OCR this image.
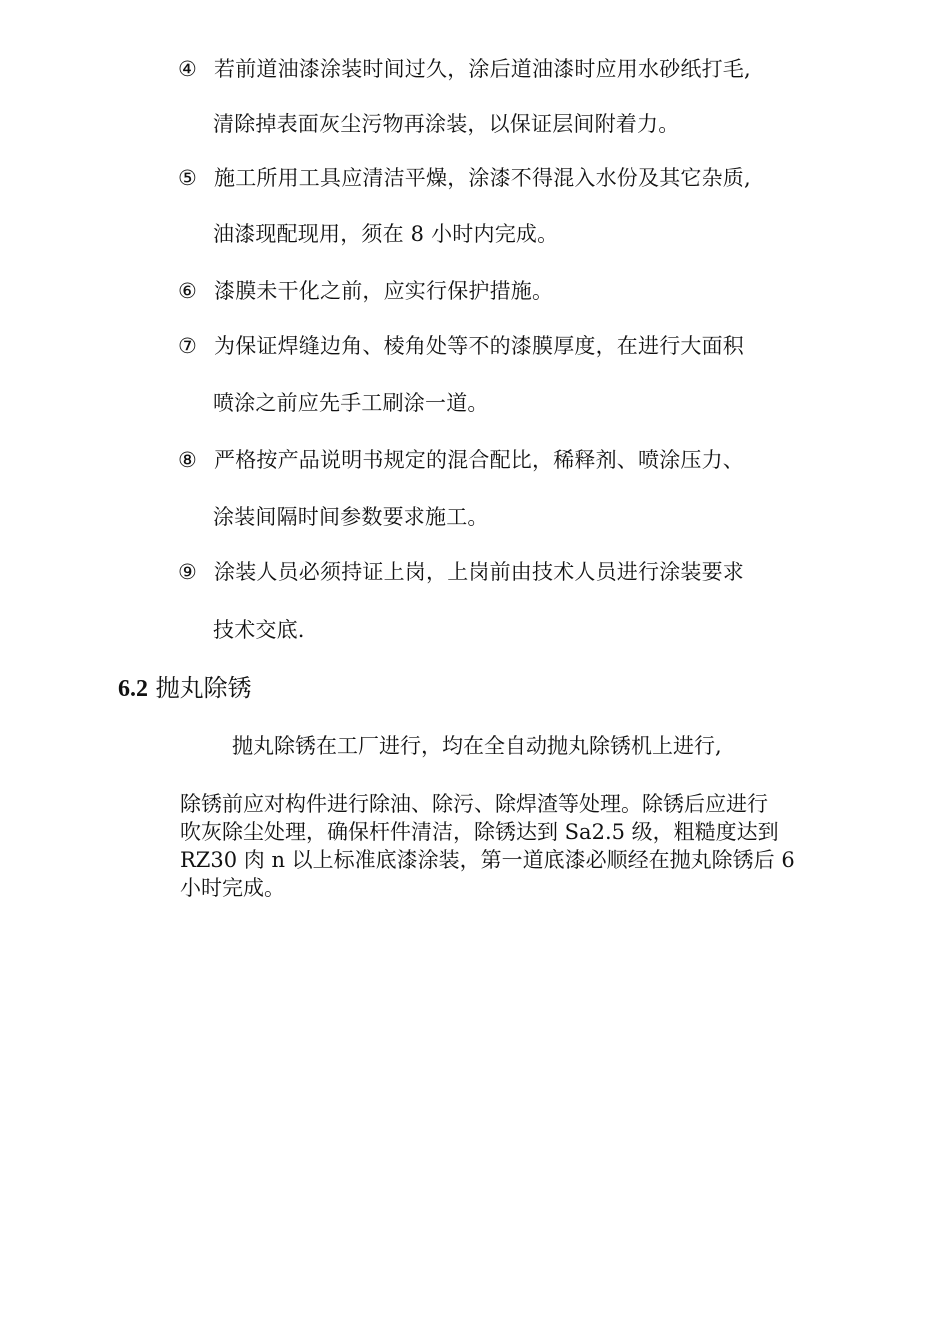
④ 若前道油漆涂装时间过久，涂后道油漆时应用水砂纸打毛,
清除掉表面灰尘污物再涂装，以保证层间附着力。
⑤ 施工所用工具应清洁平燥，涂漆不得混入水份及其它杂质,
油漆现配现用，须在 8 小时内完成。
⑥ 漆膜未干化之前，应实行保护措施。
⑦ 为保证焊缝边角、棱角处等不的漆膜厚度，在进行大面积
喷涂之前应先手工刷涂一道。
⑧ 严格按产品说明书规定的混合配比，稀释剂、喷涂压力、
涂装间隔时间参数要求施工。
⑨ 涂装人员必须持证上岗，上岗前由技术人员进行涂装要求
技术交底.
6.2 抛丸除锈
抛丸除锈在工厂进行，均在全自动抛丸除锈机上进行,
除锈前应对构件进行除油、除污、除焊渣等处理。除锈后应进行
吹灰除尘处理，确保杆件清洁，除锈达到 Sa2.5 级，粗糙度达到
RZ30 肉 n 以上标准底漆涂装，第一道底漆必顺经在抛丸除锈后 6
小时完成。
